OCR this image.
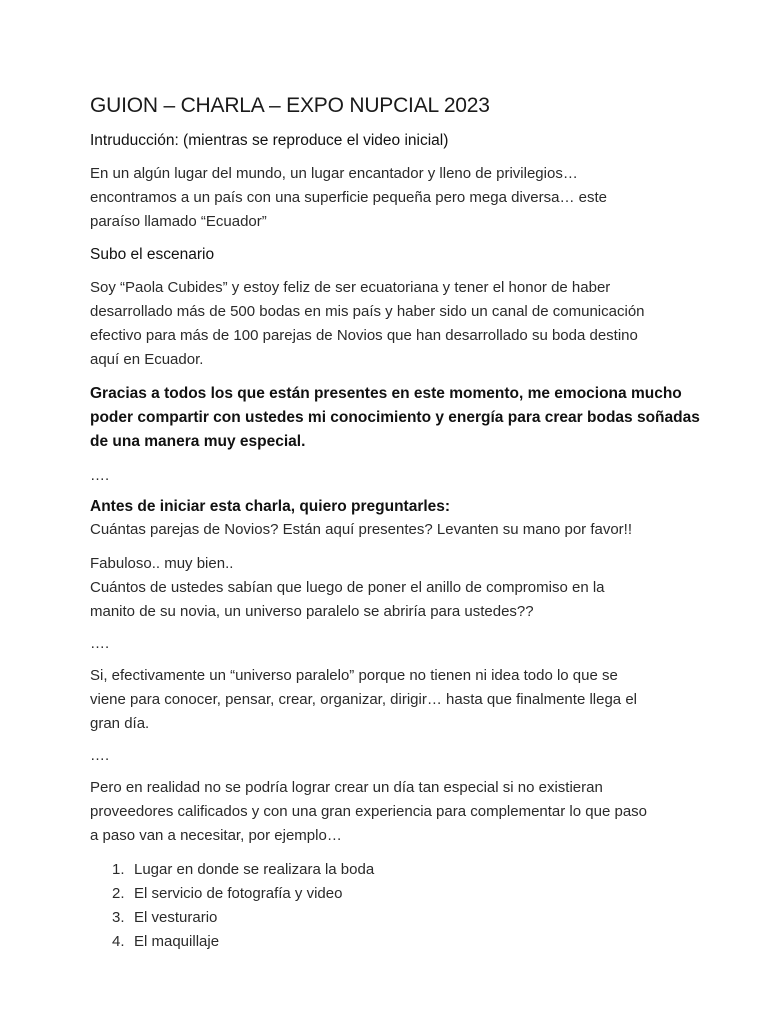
GUION – CHARLA – EXPO NUPCIAL 2023
Intruducción: (mientras se reproduce el video inicial)

En un algún lugar del mundo, un lugar encantador y lleno de privilegios…
encontramos a un país con una superficie pequeña pero mega diversa… este
paraíso llamado “Ecuador”

Subo el escenario

Soy “Paola Cubides” y estoy feliz de ser ecuatoriana y tener el honor de haber
desarrollado más de 500 bodas en mis país y haber sido un canal de comunicación
efectivo para más de 100 parejas de Novios que han desarrollado su boda destino
aquí en Ecuador.

Gracias a todos los que están presentes en este momento, me emociona mucho
poder compartir con ustedes mi conocimiento y energía para crear bodas soñadas
de una manera muy especial.

….

Antes de iniciar esta charla, quiero preguntarles:

Cuántas parejas de Novios? Están aquí presentes? Levanten su mano por favor!!

Fabuloso.. muy bien..
Cuántos de ustedes sabían que luego de poner el anillo de compromiso en la
manito de su novia, un universo paralelo se abriría para ustedes??

….

Si, efectivamente un “universo paralelo” porque no tienen ni idea todo lo que se
viene para conocer, pensar, crear, organizar, dirigir… hasta que finalmente llega el
gran día.

….

Pero en realidad no se podría lograr crear un día tan especial si no existieran
proveedores calificados y con una gran experiencia para complementar lo que paso
a paso van a necesitar, por ejemplo…

1. Lugar en donde se realizara la boda
2. El servicio de fotografía y video
3. El vesturario
4. El maquillaje
